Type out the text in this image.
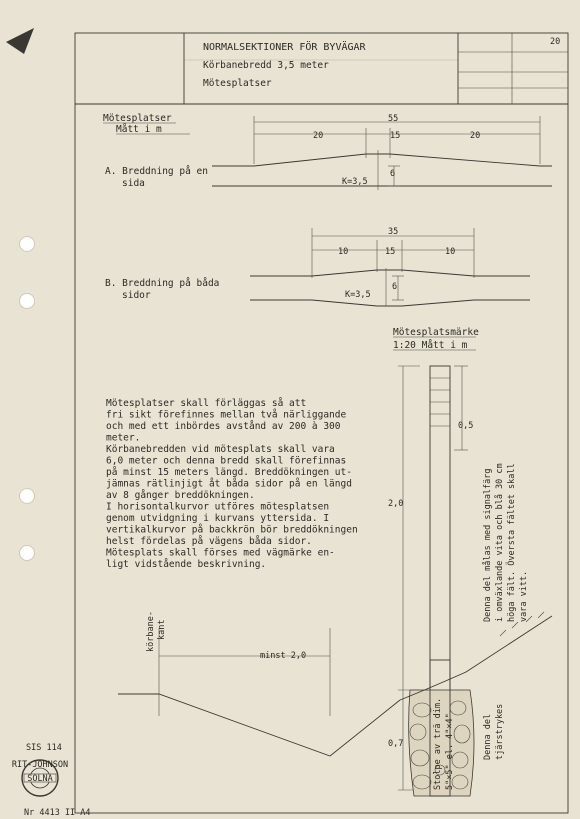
NORMALSEKTIONER FÖR BYVÄGAR
Körbanebredd 3,5 meter
Mötesplatser
20
Mötesplatser
Mått i m
55
20	15	20
6
K=3,5
A. Breddning på en
sida
35
10	15	10
6
K=3,5
B. Breddning på båda
sidor
Mötesplatsmärke
1:20 Mått i m
2,0
0,7
0,5
Denna del målas med signalfärg i omväxlande vita och blå 30 cm höga fält. Översta fältet skall vara vitt.
Denna del tjärstrykes
Stolpe av trä dim. 5"×5" el. 4"×4"
Mötesplatser skall förläggas så att
fri sikt förefinnes mellan två närliggande
och med ett inbördes avstånd av 200 à 300
meter.
Körbanebredden vid mötesplats skall vara
6,0 meter och denna bredd skall förefinnas
på minst 15 meters längd. Breddökningen ut-
jämnas rätlinjigt åt båda sidor på en längd
av 8 gånger breddökningen.
I horisontalkurvor utföres mötesplatsen
genom utvidgning i kurvans yttersida. I
vertikalkurvor på backkrön bör breddökningen
helst fördelas på vägens båda sidor.
Mötesplats skall förses med vägmärke en-
ligt vidstående beskrivning.
minst 2,0
körbane- kant
SIS 114
RIT-JOHNSON
SOLNA
Nr 4413 II A4
